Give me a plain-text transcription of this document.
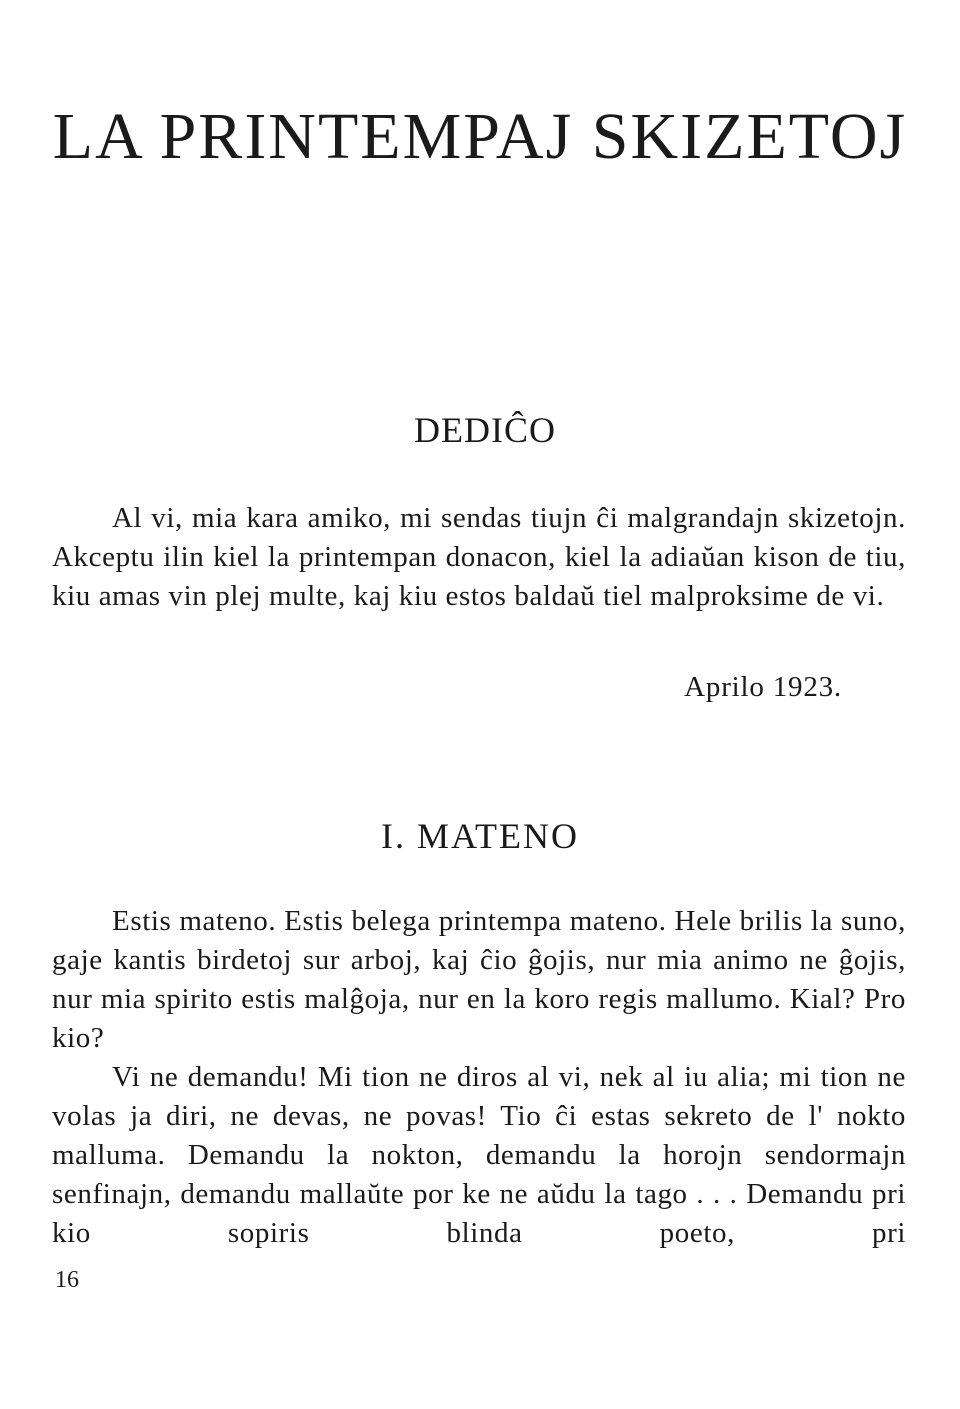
LA PRINTEMPAJ SKIZETOJ
DEDIĈO

Al vi, mia kara amiko, mi sendas tiujn ĉi malgrandajn skizetojn. Akceptu ilin kiel la printempan donacon, kiel la adiaŭan kison de tiu, kiu amas vin plej multe, kaj kiu estos baldaŭ tiel malproksime de vi.

Aprilo 1923.

I. MATENO

Estis mateno. Estis belega printempa mateno. Hele brilis la suno, gaje kantis birdetoj sur arboj, kaj ĉio ĝojis, nur mia animo ne ĝojis, nur mia spirito estis malĝoja, nur en la koro regis mallumo. Kial? Pro kio?

Vi ne demandu! Mi tion ne diros al vi, nek al iu alia; mi tion ne volas ja diri, ne devas, ne povas! Tio ĉi estas sekreto de l' nokto malluma. Demandu la nokton, demandu la horojn sendormajn senfinajn, demandu mallaŭte por ke ne aŭdu la tago . . . Demandu pri kio sopiris blinda poeto, pri

16
